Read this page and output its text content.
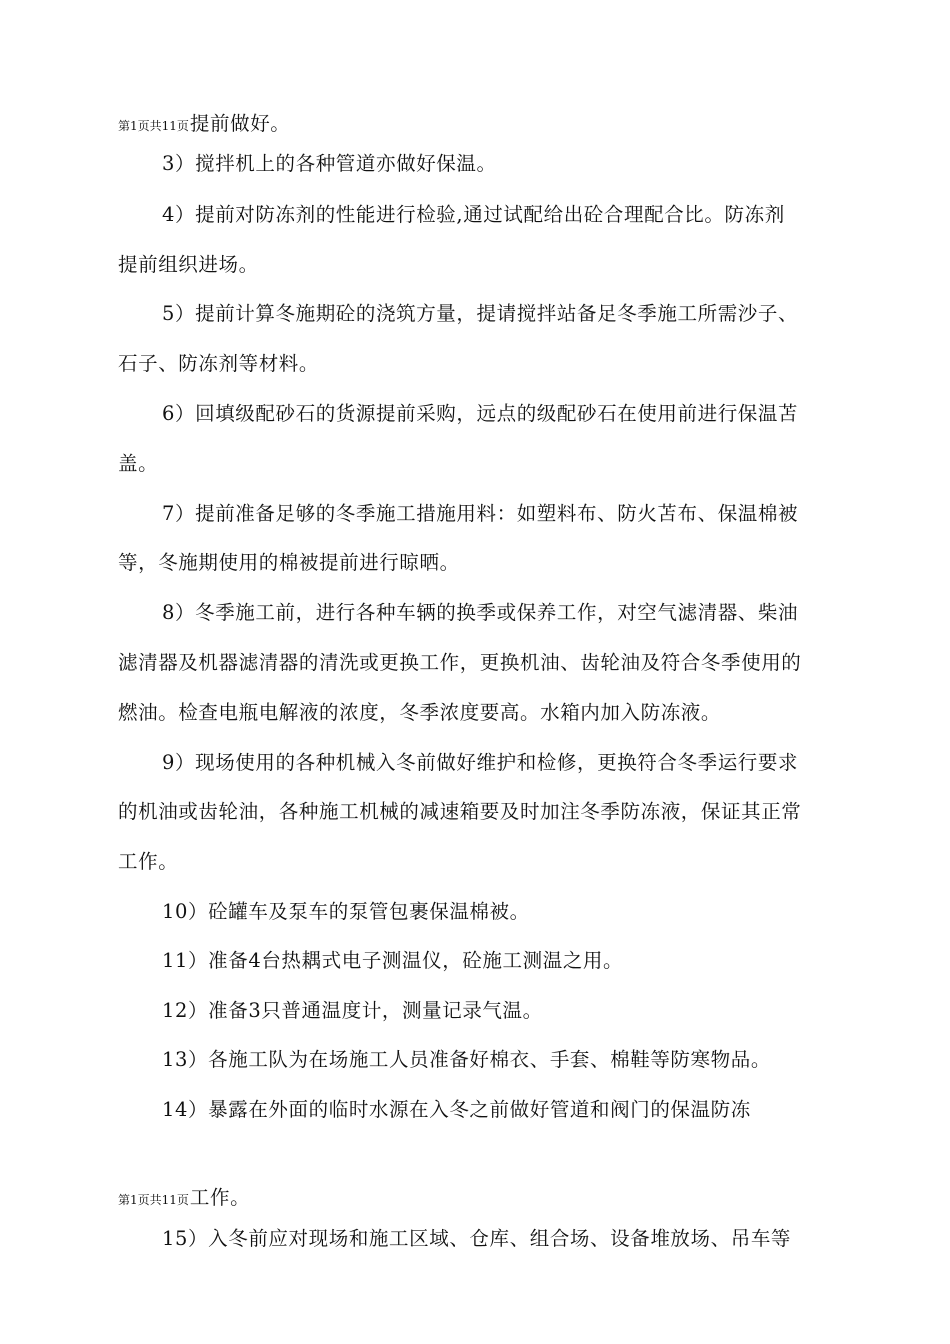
第1页共11页提前做好。
3）搅拌机上的各种管道亦做好保温。
4）提前对防冻剂的性能进行检验,通过试配给出砼合理配合比。防冻剂
提前组织进场。
5）提前计算冬施期砼的浇筑方量，提请搅拌站备足冬季施工所需沙子、
石子、防冻剂等材料。
6）回填级配砂石的货源提前采购，远点的级配砂石在使用前进行保温苫
盖。
7）提前准备足够的冬季施工措施用料：如塑料布、防火苫布、保温棉被
等，冬施期使用的棉被提前进行晾晒。
8）冬季施工前，进行各种车辆的换季或保养工作，对空气滤清器、柴油
滤清器及机器滤清器的清洗或更换工作，更换机油、齿轮油及符合冬季使用的
燃油。检查电瓶电解液的浓度，冬季浓度要高。水箱内加入防冻液。
9）现场使用的各种机械入冬前做好维护和检修，更换符合冬季运行要求
的机油或齿轮油，各种施工机械的减速箱要及时加注冬季防冻液，保证其正常
工作。
10）砼罐车及泵车的泵管包裹保温棉被。
11）准备4台热耦式电子测温仪，砼施工测温之用。
12）准备3只普通温度计，测量记录气温。
13）各施工队为在场施工人员准备好棉衣、手套、棉鞋等防寒物品。
14）暴露在外面的临时水源在入冬之前做好管道和阀门的保温防冻
第1页共11页工作。
15）入冬前应对现场和施工区域、仓库、组合场、设备堆放场、吊车等
